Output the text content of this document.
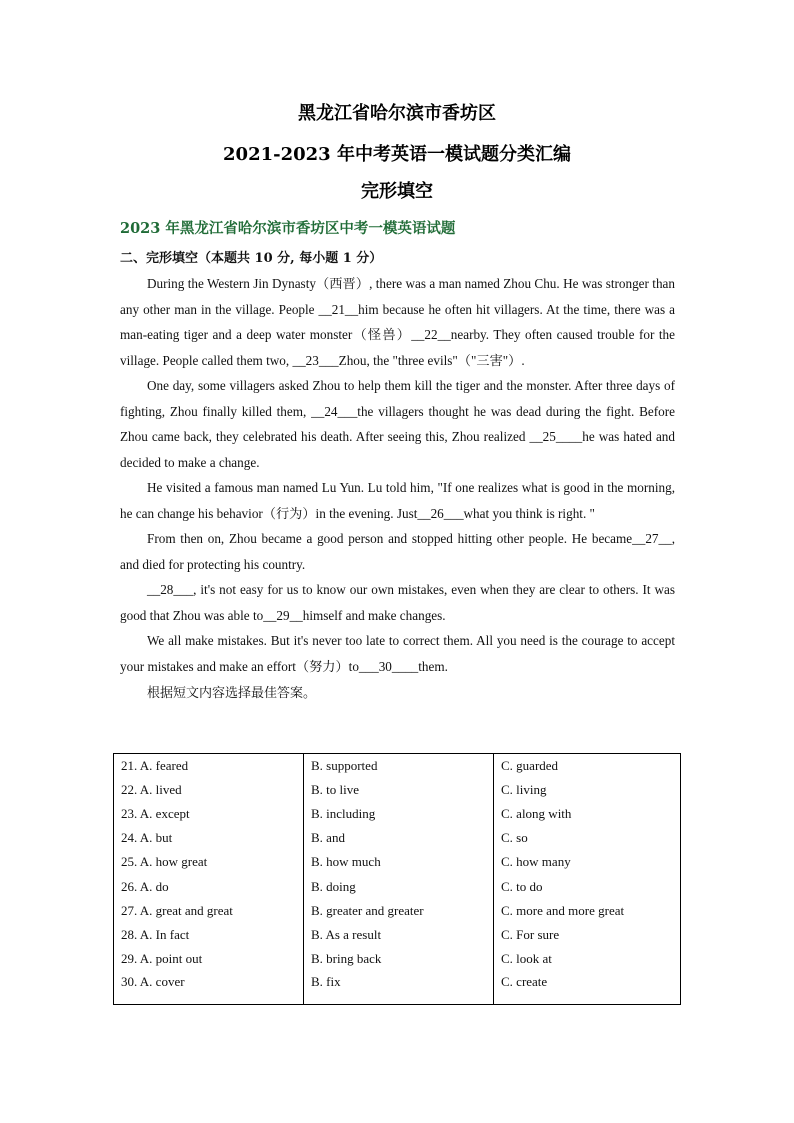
黑龙江省哈尔滨市香坊区
2021-2023 年中考英语一模试题分类汇编
完形填空
2023 年黑龙江省哈尔滨市香坊区中考一模英语试题
二、完形填空（本题共 10 分, 每小题 1 分）

During the Western Jin Dynasty（西晋）, there was a man named Zhou Chu. He was stronger than any other man in the village. People __21__him because he often hit villagers. At the time, there was a man-eating tiger and a deep water monster（怪兽）__22__nearby. They often caused trouble for the village. People called them two, __23___Zhou, the "three evils"（"三害"）.

One day, some villagers asked Zhou to help them kill the tiger and the monster. After three days of fighting, Zhou finally killed them, __24___the villagers thought he was dead during the fight. Before Zhou came back, they celebrated his death. After seeing this, Zhou realized __25____he was hated and decided to make a change.

He visited a famous man named Lu Yun. Lu told him, "If one realizes what is good in the morning, he can change his behavior（行为）in the evening. Just__26___what you think is right. "

From then on, Zhou became a good person and stopped hitting other people. He became__27__, and died for protecting his country.

__28___, it's not easy for us to know our own mistakes, even when they are clear to others. It was good that Zhou was able to__29__himself and make changes.

We all make mistakes. But it's never too late to correct them. All you need is the courage to accept your mistakes and make an effort（努力）to___30____them.

根据短文内容选择最佳答案。

21. A. feared	B. supported	C. guarded
22. A. lived	B. to live	C. living
23. A. except	B. including	C. along with
24. A. but	B. and	C. so
25. A. how great	B. how much	C. how many
26. A. do	B. doing	C. to do
27. A. great and great	B. greater and greater	C. more and more great
28. A. In fact	B. As a result	C. For sure
29. A. point out	B. bring back	C. look at
30. A. cover	B. fix	C. create
